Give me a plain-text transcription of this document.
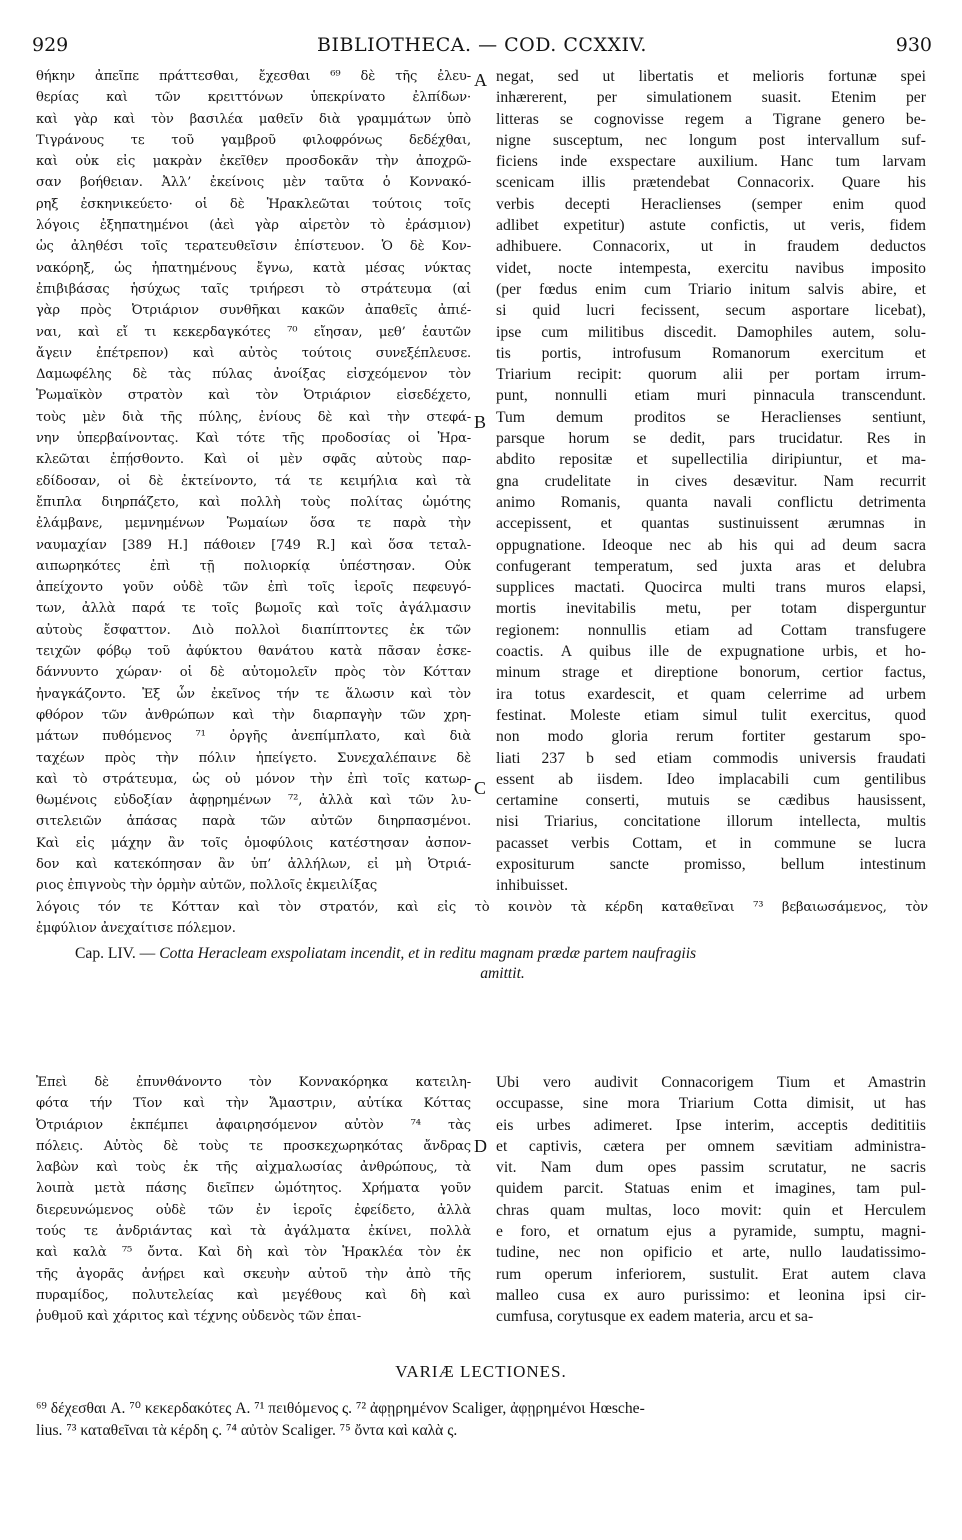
929	BIBLIOTHECA. — COD. CCXXIV.	930
θήκην ἀπεῖπε πράττεσθαι, ἔχεσθαι ⁶⁹ δὲ τῆς ἐλευ-
θερίας καὶ τῶν κρειττόνων ὑπεκρίνατο ἐλπίδων·
καὶ γὰρ καὶ τὸν βασιλέα μαθεῖν διὰ γραμμάτων ὑπὸ
Τιγράνους τε τοῦ γαμβροῦ φιλοφρόνως δεδέχθαι,
καὶ οὐκ εἰς μακρὰν ἐκεῖθεν προσδοκᾶν τὴν ἀποχρῶ-
σαν βοήθειαν. Ἀλλ’ ἐκείνοις μὲν ταῦτα ὁ Κοννακό-
ρηξ ἐσκηνικεύετο· οἱ δὲ Ἡρακλεῶται τούτοις τοῖς
λόγοις ἐξηπατημένοι (ἀεὶ γὰρ αἱρετὸν τὸ ἐράσμιον)
ὡς ἀληθέσι τοῖς τερατευθεῖσιν ἐπίστευον. Ὁ δὲ Κον-
νακόρηξ, ὡς ἠπατημένους ἔγνω, κατὰ μέσας νύκτας
ἐπιβιβάσας ἡσύχως ταῖς τριήρεσι τὸ στράτευμα (αἱ
γὰρ πρὸς Ὀτριάριον συνθῆκαι κακῶν ἀπαθεῖς ἀπιέ-
ναι, καὶ εἴ τι κεκερδαγκότες ⁷⁰ εἴησαν, μεθ’ ἑαυτῶν
ἄγειν ἐπέτρεπον) καὶ αὐτὸς τούτοις συνεξέπλευσε.
Δαμωφέλης δὲ τὰς πύλας ἀνοίξας εἰσχεόμενον τὸν
Ῥωμαϊκὸν στρατὸν καὶ τὸν Ὀτριάριον εἰσεδέχετο,
τοὺς μὲν διὰ τῆς πύλης, ἐνίους δὲ καὶ τὴν στεφά-
νην ὑπερβαίνοντας. Καὶ τότε τῆς προδοσίας οἱ Ἡρα-
κλεῶται ἐπῄσθοντο. Καὶ οἱ μὲν σφᾶς αὐτοὺς παρ-
εδίδοσαν, οἱ δὲ ἐκτείνοντο, τά τε κειμήλια καὶ τὰ
ἔπιπλα διηρπάζετο, καὶ πολλὴ τοὺς πολίτας ὠμότης
ἐλάμβανε, μεμνημένων Ῥωμαίων ὅσα τε παρὰ τὴν
ναυμαχίαν [389 H.] πάθοιεν [749 R.] καὶ ὅσα τεταλ-
αιπωρηκότες ἐπὶ τῇ πολιορκίᾳ ὑπέστησαν. Οὐκ
ἀπείχοντο γοῦν οὐδὲ τῶν ἐπὶ τοῖς ἱεροῖς πεφευγό-
των, ἀλλὰ παρά τε τοῖς βωμοῖς καὶ τοῖς ἀγάλμασιν
αὐτοὺς ἔσφαττον. Διὸ πολλοὶ διαπίπτοντες ἐκ τῶν
τειχῶν φόβῳ τοῦ ἀφύκτου θανάτου κατὰ πᾶσαν ἐσκε-
δάννυντο χώραν· οἱ δὲ αὐτομολεῖν πρὸς τὸν Κότταν
ἠναγκάζοντο. Ἐξ ὧν ἐκεῖνος τήν τε ἅλωσιν καὶ τὸν
φθόρον τῶν ἀνθρώπων καὶ τὴν διαρπαγὴν τῶν χρη-
μάτων πυθόμενος ⁷¹ ὀργῆς ἀνεπίμπλατο, καὶ διὰ
ταχέων πρὸς τὴν πόλιν ἠπείγετο. Συνεχαλέπαινε δὲ
καὶ τὸ στράτευμα, ὡς οὐ μόνον τὴν ἐπὶ τοῖς κατωρ-
θωμένοις εὐδοξίαν ἀφῃρημένων ⁷², ἀλλὰ καὶ τῶν λυ-
σιτελειῶν ἁπάσας παρὰ τῶν αὐτῶν διηρπασμένοι.
Καὶ εἰς μάχην ἂν τοῖς ὁμοφύλοις κατέστησαν ἀσπον-
δον καὶ κατεκόπησαν ἂν ὑπ’ ἀλλήλων, εἰ μὴ Ὀτριά-
ριος ἐπιγνοὺς τὴν ὁρμὴν αὐτῶν, πολλοῖς ἐκμειλίξας
negat, sed ut libertatis et melioris fortunæ spei
inhærerent, per simulationem suasit. Etenim per
litteras se cognovisse regem a Tigrane genero be-
nigne susceptum, nec longum post intervallum suf-
ficiens inde exspectare auxilium. Hanc tum larvam
scenicam illis prætendebat Connacorix. Quare his
verbis decepti Heraclienses (semper enim quod
adlibet expetitur) astute confictis, ut veris, fidem
adhibuere. Connacorix, ut in fraudem deductos
videt, nocte intempesta, exercitu navibus imposito
(per fœdus enim cum Triario initum salvis abire, et
si quid lucri fecissent, secum asportare licebat),
ipse cum militibus discedit. Damophiles autem, solu-
tis portis, introfusum Romanorum exercitum et
Triarium recipit: quorum alii per portam irrum-
punt, nonnulli etiam muri pinnacula transcendunt.
Tum demum proditos se Heraclienses sentiunt,
parsque horum se dedit, pars trucidatur. Res in
abdito repositæ et supellectilia diripiuntur, et ma-
gna crudelitate in cives desævitur. Nam recurrit
animo Romanis, quanta navali conflictu detrimenta
accepissent, et quantas sustinuissent ærumnas in
oppugnatione. Ideoque nec ab his qui ad deum sacra
confugerant temperatum, sed juxta aras et delubra
supplices mactati. Quocirca multi trans muros elapsi,
mortis inevitabilis metu, per totam disperguntur
regionem: nonnullis etiam ad Cottam transfugere
coactis. A quibus ille de expugnatione urbis, et ho-
minum strage et direptione bonorum, certior factus,
ira totus exardescit, et quam celerrime ad urbem
festinat. Moleste etiam simul tulit exercitus, quod
non modo gloria rerum fortiter gestarum spo-
liati 237 b sed etiam commodis universis fraudati
essent ab iisdem. Ideo implacabili cum gentilibus
certamine conserti, mutuis se cædibus hausissent,
nisi Triarius, concitatione illorum intellecta, multis
pacasset verbis Cottam, et in commune se lucra
expositurum sancte promisso, bellum intestinum
inhibuisset.
A
B
C
D
λόγοις τόν τε Κότταν καὶ τὸν στρατόν, καὶ εἰς τὸ κοινὸν τὰ κέρδη καταθεῖναι ⁷³ βεβαιωσάμενος, τὸν
ἐμφύλιον ἀνεχαίτισε πόλεμον.
Cap. LIV. — Cotta Heracleam exspoliatam incendit, et in reditu magnam prædæ partem naufragiis
amittit.
Ἐπεὶ δὲ ἐπυνθάνοντο τὸν Κοννακόρηκα κατειλη-
φότα τήν Τῖον καὶ τὴν Ἄμαστριν, αὐτίκα Κόττας
Ὀτριάριον ἐκπέμπει ἀφαιρησόμενον αὐτὸν ⁷⁴ τὰς
πόλεις. Αὐτὸς δὲ τοὺς τε προσκεχωρηκότας ἄνδρας
λαβὼν καὶ τοὺς ἐκ τῆς αἰχμαλωσίας ἀνθρώπους, τὰ
λοιπὰ μετὰ πάσης διεῖπεν ὠμότητος. Χρήματα γοῦν
διερευνώμενος οὐδὲ τῶν ἐν ἱεροῖς ἐφείδετο, ἀλλὰ
τούς τε ἀνδριάντας καὶ τὰ ἀγάλματα ἐκίνει, πολλὰ
καὶ καλὰ ⁷⁵ ὄντα. Καὶ δὴ καὶ τὸν Ἡρακλέα τὸν ἐκ
τῆς ἀγορᾶς ἀνῄρει καὶ σκευὴν αὐτοῦ τὴν ἀπὸ τῆς
πυραμίδος, πολυτελείας καὶ μεγέθους καὶ δὴ καὶ
ῥυθμοῦ καὶ χάριτος καὶ τέχνης οὐδενὸς τῶν ἐπαι-
Ubi vero audivit Connacorigem Tium et Amastrin
occupasse, sine mora Triarium Cotta dimisit, ut has
eis urbes adimeret. Ipse interim, acceptis dedititiis
et captivis, cætera per omnem sævitiam administra-
vit. Nam dum opes passim scrutatur, ne sacris
quidem parcit. Statuas enim et imagines, tam pul-
chras quam multas, loco movit: quin et Herculem
e foro, et ornatum ejus a pyramide, sumptu, magni-
tudine, nec non opificio et arte, nullo laudatissimo-
rum operum inferiorem, sustulit. Erat autem clava
malleo cusa ex auro purissimo: et leonina ipsi cir-
cumfusa, corytusque ex eadem materia, arcu et sa-
VARIÆ LECTIONES.
⁶⁹ δέχεσθαι A. ⁷⁰ κεκερδακότες A. ⁷¹ πειθόμενος ς. ⁷² ἀφῃρημένον Scaliger, ἀφῃρημένοι Hœsche-
lius. ⁷³ καταθεῖναι τὰ κέρδη ς. ⁷⁴ αὐτὸν Scaliger. ⁷⁵ ὄντα καὶ καλὰ ς.
